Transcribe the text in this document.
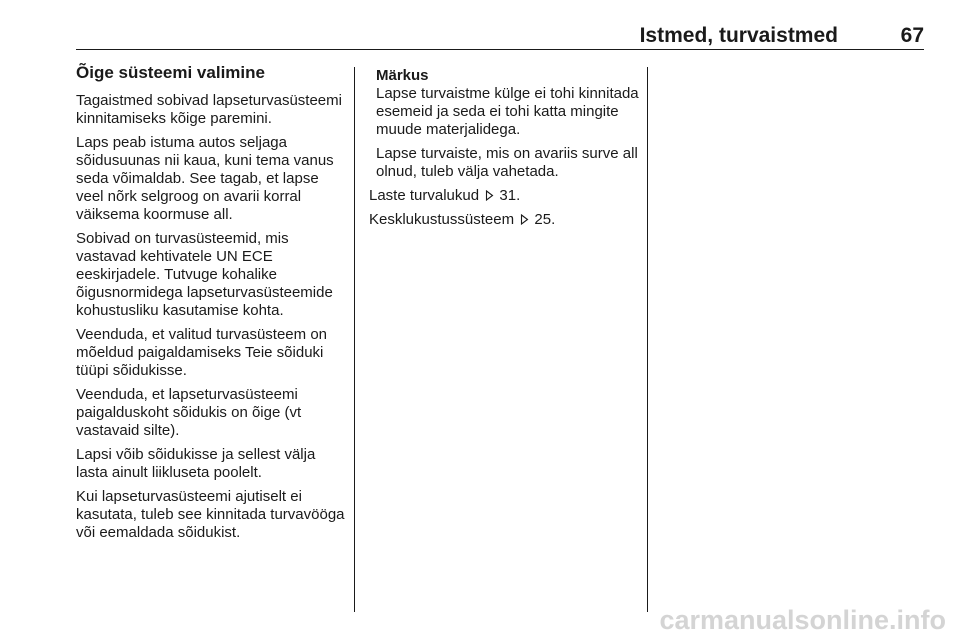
Istmed, turvaistmed	67
Õige süsteemi valimine

Tagaistmed sobivad lapseturvasüsteemi kinnitamiseks kõige paremini.

Laps peab istuma autos seljaga sõidusuunas nii kaua, kuni tema vanus seda võimaldab. See tagab, et lapse veel nõrk selgroog on avarii korral väiksema koormuse all.

Sobivad on turvasüsteemid, mis vastavad kehtivatele UN ECE eeskirjadele. Tutvuge kohalike õigusnormidega lapseturvasüsteemide kohustusliku kasutamise kohta.

Veenduda, et valitud turvasüsteem on mõeldud paigaldamiseks Teie sõiduki tüüpi sõidukisse.

Veenduda, et lapseturvasüsteemi paigalduskoht sõidukis on õige (vt vastavaid silte).

Lapsi võib sõidukisse ja sellest välja lasta ainult liikluseta poolelt.

Kui lapseturvasüsteemi ajutiselt ei kasutata, tuleb see kinnitada turvavööga või eemaldada sõidukist.

Märkus

Lapse turvaistme külge ei tohi kinnitada esemeid ja seda ei tohi katta mingite muude materjalidega.

Lapse turvaiste, mis on avariis surve all olnud, tuleb välja vahetada.

Laste turvalukud 31.
Kesklukustussüsteem 25.
carmanualsonline.info
